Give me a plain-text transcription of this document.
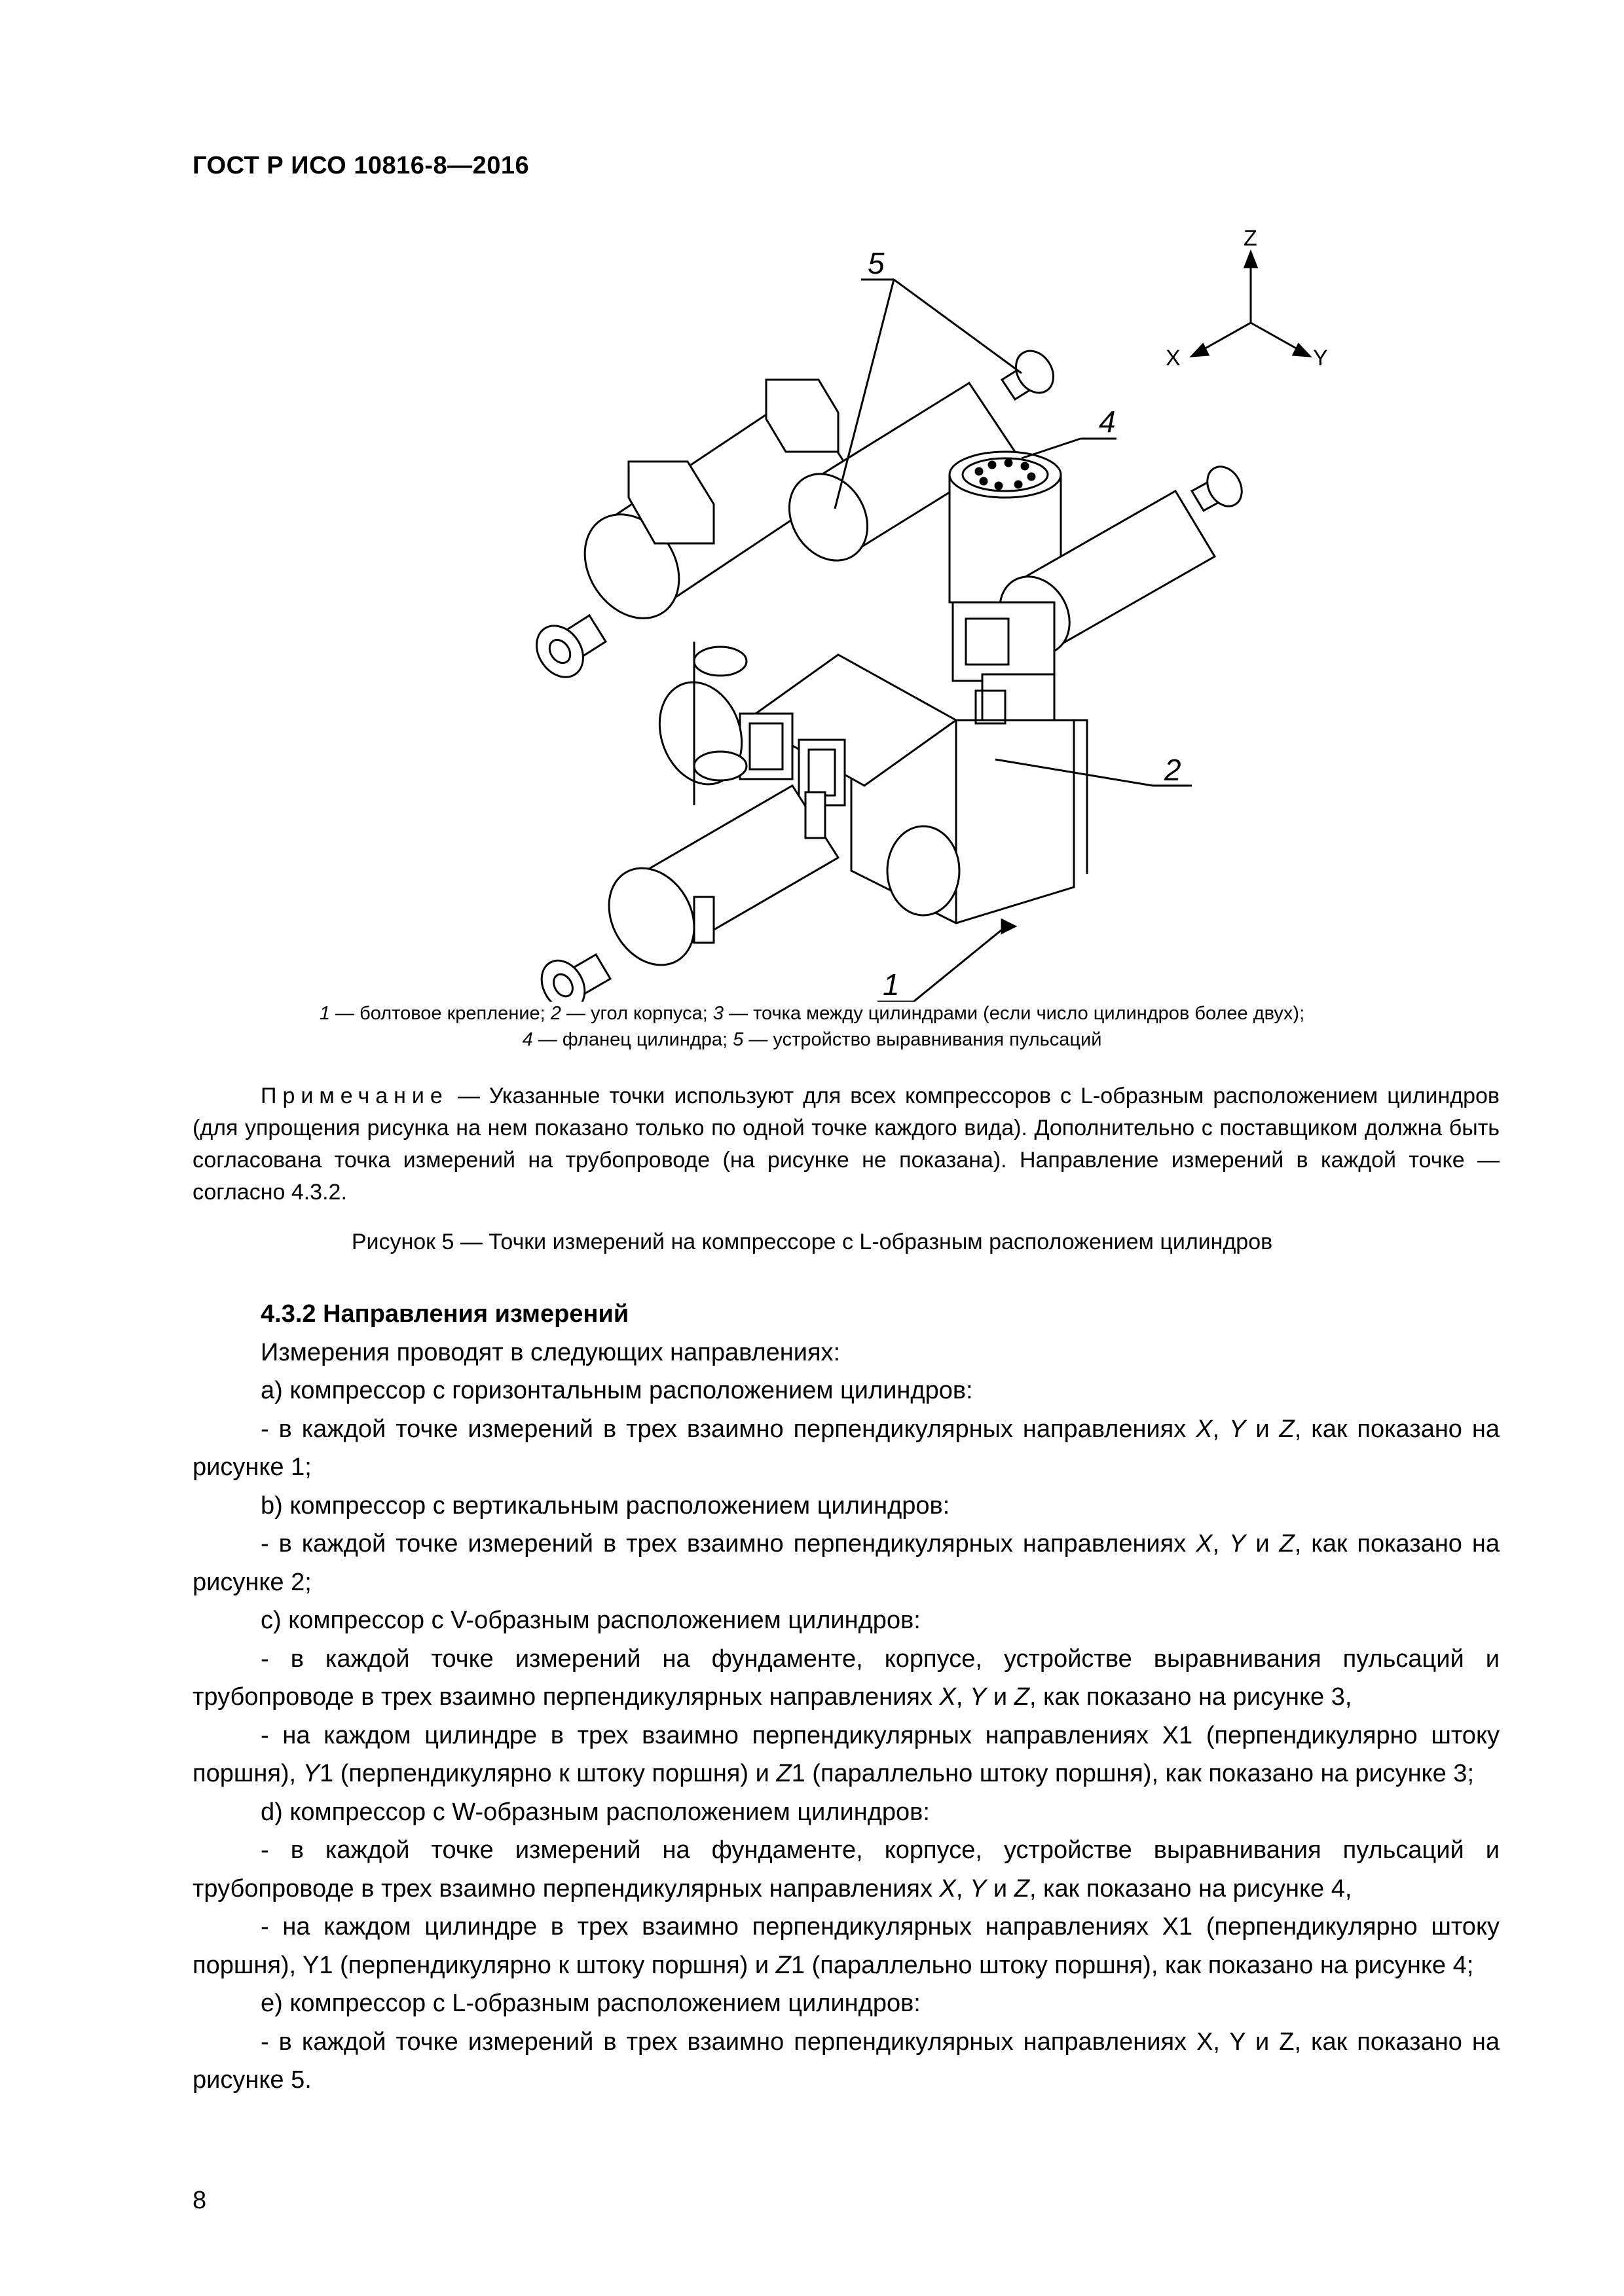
ГОСТ Р ИСО 10816-8—2016
Z
X	Y
5
4
2
1
1 — болтовое крепление; 2 — угол корпуса; 3 — точка между цилиндрами (если число цилиндров более двух);
4 — фланец цилиндра; 5 — устройство выравнивания пульсаций
Примечание — Указанные точки используют для всех компрессоров с L-образным расположением цилиндров (для упрощения рисунка на нем показано только по одной точке каждого вида). Дополнительно с поставщиком должна быть согласована точка измерений на трубопроводе (на рисунке не показана). Направление измерений в каждой точке — согласно 4.3.2.
Рисунок 5 — Точки измерений на компрессоре с L-образным расположением цилиндров

4.3.2 Направления измерений

Измерения проводят в следующих направлениях:

а) компрессор с горизонтальным расположением цилиндров:

- в каждой точке измерений в трех взаимно перпендикулярных направлениях X, Y и Z, как показано на рисунке 1;

b) компрессор с вертикальным расположением цилиндров:

- в каждой точке измерений в трех взаимно перпендикулярных направлениях X, Y и Z, как показано на рисунке 2;

с) компрессор с V-образным расположением цилиндров:

- в каждой точке измерений на фундаменте, корпусе, устройстве выравнивания пульсаций и трубопроводе в трех взаимно перпендикулярных направлениях X, Y и Z, как показано на рисунке 3,

- на каждом цилиндре в трех взаимно перпендикулярных направлениях X1 (перпендикулярно штоку поршня), Y1 (перпендикулярно к штоку поршня) и Z1 (параллельно штоку поршня), как показано на рисунке 3;

d) компрессор с W-образным расположением цилиндров:

- в каждой точке измерений на фундаменте, корпусе, устройстве выравнивания пульсаций и трубопроводе в трех взаимно перпендикулярных направлениях X, Y и Z, как показано на рисунке 4,

- на каждом цилиндре в трех взаимно перпендикулярных направлениях X1 (перпендикулярно штоку поршня), Y1 (перпендикулярно к штоку поршня) и Z1 (параллельно штоку поршня), как показано на рисунке 4;

е) компрессор с L-образным расположением цилиндров:

- в каждой точке измерений в трех взаимно перпендикулярных направлениях X, Y и Z, как показано на рисунке 5.

8
